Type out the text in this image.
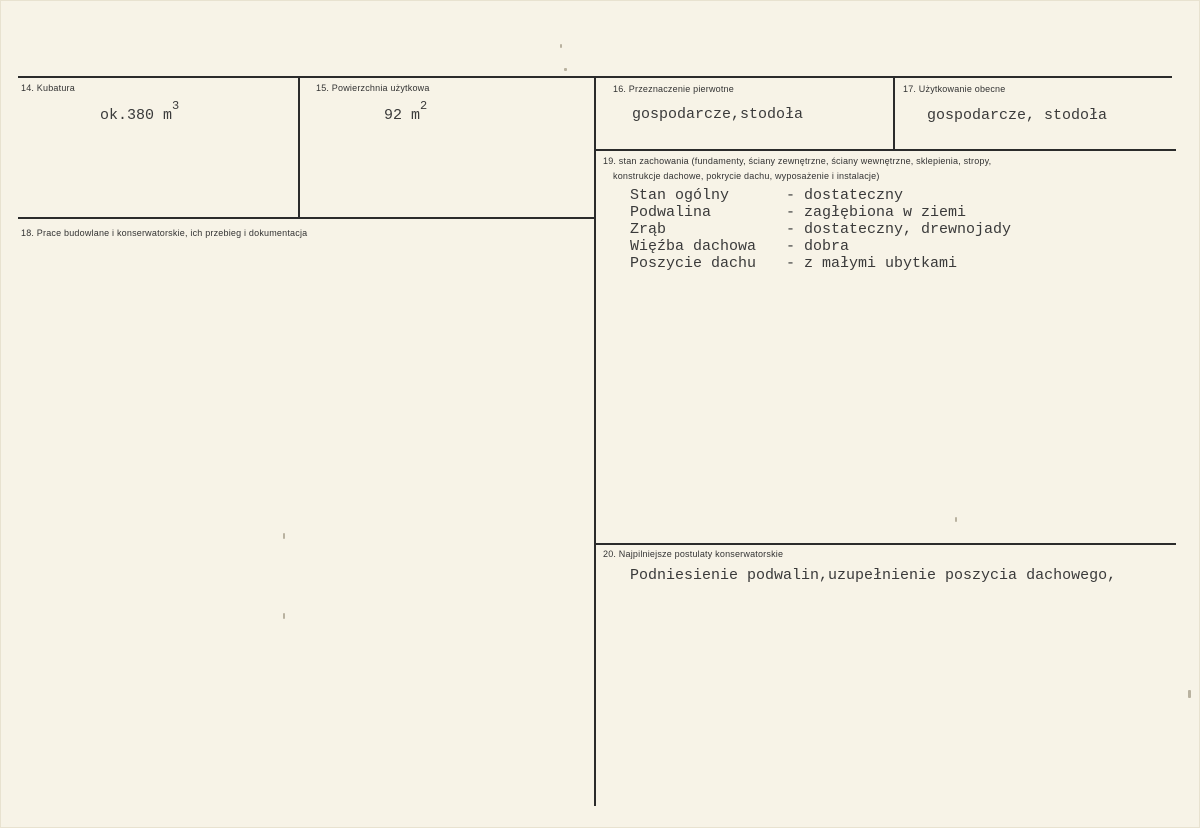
14. Kubatura
ok.380 $m^3$
15. Powierzchnia użytkowa
92 $m^2$
16. Przeznaczenie pierwotne
gospodarcze,stodoła
17. Użytkowanie obecne
gospodarcze, stodoła
18. Prace budowlane i konserwatorskie, ich przebieg i dokumentacja
19. stan zachowania (fundamenty, ściany zewnętrzne, ściany wewnętrzne, sklepienia, stropy,
konstrukcje dachowe, pokrycie dachu, wyposażenie i instalacje)
Stan ogólny	- dostateczny
Podwalina	- zagłębiona w ziemi
Zrąb	- dostateczny, drewnojady
Więźba dachowa	- dobra
Poszycie dachu	- z małymi ubytkami
20. Najpilniejsze postulaty konserwatorskie
Podniesienie podwalin,uzupełnienie poszycia dachowego,
